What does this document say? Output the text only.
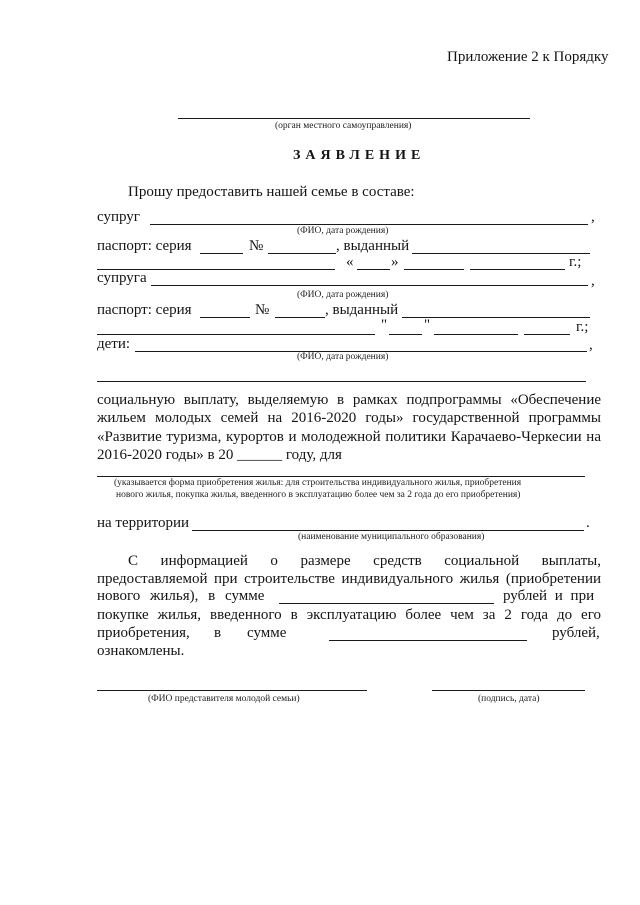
Приложение 2 к Порядку
(орган местного самоуправления)
ЗАЯВЛЕНИЕ
Прошу предоставить нашей семье в составе:
супруг	,
(ФИО, дата рождения)
паспорт: серия	№	, выданный
«	»	г.;
супруга	,
(ФИО, дата рождения)
паспорт: серия	№	, выданный
" "	г.;
дети:	,
(ФИО, дата рождения)
социальную выплату, выделяемую в рамках подпрограммы «Обеспечение жильем молодых семей на 2016-2020 годы» государственной программы «Развитие туризма, курортов и молодежной политики Карачаево-Черкесии на 2016-2020 годы» в 20 ______ году, для
(указывается форма приобретения жилья: для строительства индивидуального жилья, приобретения
нового жилья, покупка жилья, введенного в эксплуатацию более чем за 2 года до его приобретения)
на территории	.
(наименование муниципального образования)
С информацией о размере средств социальной выплаты,
предоставляемой при строительстве индивидуального жилья (приобретении
нового жилья), в сумме	рублей и при
покупке жилья, введенного в эксплуатацию более чем за 2 года до его
приобретения, в сумме	рублей,
ознакомлены.
(ФИО представителя молодой семьи)	(подпись, дата)
